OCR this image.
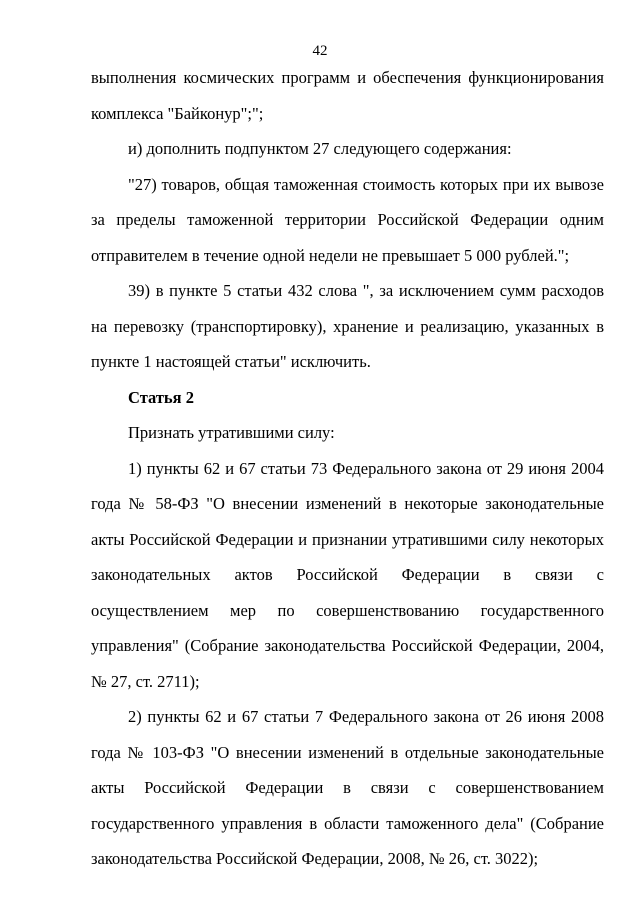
42

выполнения космических программ и обеспечения функционирования комплекса "Байконур";";

и) дополнить подпунктом 27 следующего содержания:

"27) товаров, общая таможенная стоимость которых при их вывозе за пределы таможенной территории Российской Федерации одним отправителем в течение одной недели не превышает 5 000 рублей.";

39) в пункте 5 статьи 432 слова ", за исключением сумм расходов на перевозку (транспортировку), хранение и реализацию, указанных в пункте 1 настоящей статьи" исключить.

Статья 2

Признать утратившими силу:

1) пункты 62 и 67 статьи 73 Федерального закона от 29 июня 2004 года № 58-ФЗ "О внесении изменений в некоторые законодательные акты Российской Федерации и признании утратившими силу некоторых законодательных актов Российской Федерации в связи с осуществлением мер по совершенствованию государственного управления" (Собрание законодательства Российской Федерации, 2004, № 27, ст. 2711);

2) пункты 62 и 67 статьи 7 Федерального закона от 26 июня 2008 года № 103-ФЗ "О внесении изменений в отдельные законодательные акты Российской Федерации в связи с совершенствованием государственного управления в области таможенного дела" (Собрание законодательства Российской Федерации, 2008, № 26, ст. 3022);
